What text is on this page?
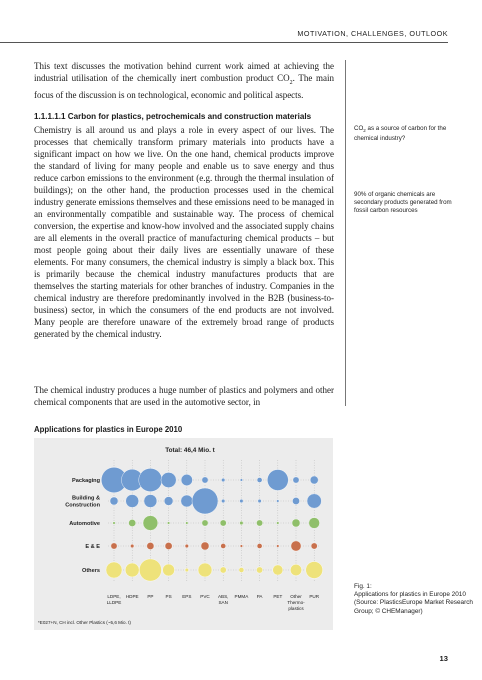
MOTIVATION, CHALLENGES, OUTLOOK

This text discusses the motivation behind current work aimed at achieving the industrial utilisation of the chemically inert combustion product $CO_2$. The main focus of the discussion is on technological, economic and political aspects.

1.1.1.1.1 Carbon for plastics, petrochemicals and construction materials

Chemistry is all around us and plays a role in every aspect of our lives. The processes that chemically transform primary materials into products have a significant impact on how we live. On the one hand, chemical products improve the standard of living for many people and enable us to save energy and thus reduce carbon emissions to the environment (e.g. through the thermal insulation of buildings); on the other hand, the production processes used in the chemical industry generate emissions themselves and these emissions need to be managed in an environmentally compatible and sustainable way. The process of chemical conversion, the expertise and know-how involved and the associated supply chains are all elements in the overall practice of manufacturing chemical products – but most people going about their daily lives are essentially unaware of these elements. For many consumers, the chemical industry is simply a black box. This is primarily because the chemical industry manufactures products that are themselves the starting materials for other branches of industry. Companies in the chemical industry are therefore predominantly involved in the B2B (business-to-business) sector, in which the consumers of the end products are not involved. Many people are therefore unaware of the extremely broad range of products generated by the chemical industry.

The chemical industry produces a huge number of plastics and polymers and other chemical components that are used in the automotive sector, in

$CO_2$ as a source of carbon for the chemical industry?
90% of organic chemicals are secondary products generated from fossil carbon resources
Applications for plastics in Europe 2010
Packaging
Building &
Construction
Automotive
E & E
Others
LDPE,
LLDPE
HDPE PP	PS EPS PVC ABS,
SAN
PMMA PA PET Other
Thermo-
plastics
PUR
Total: 46,4 Mio. t
*E027+N, CH incl. Other Plastics (~5,6 Mio. t)
Fig. 1:
Applications for plastics in Europe 2010
(Source: PlasticsEurope Market Research Group; © CHEManager)
13
